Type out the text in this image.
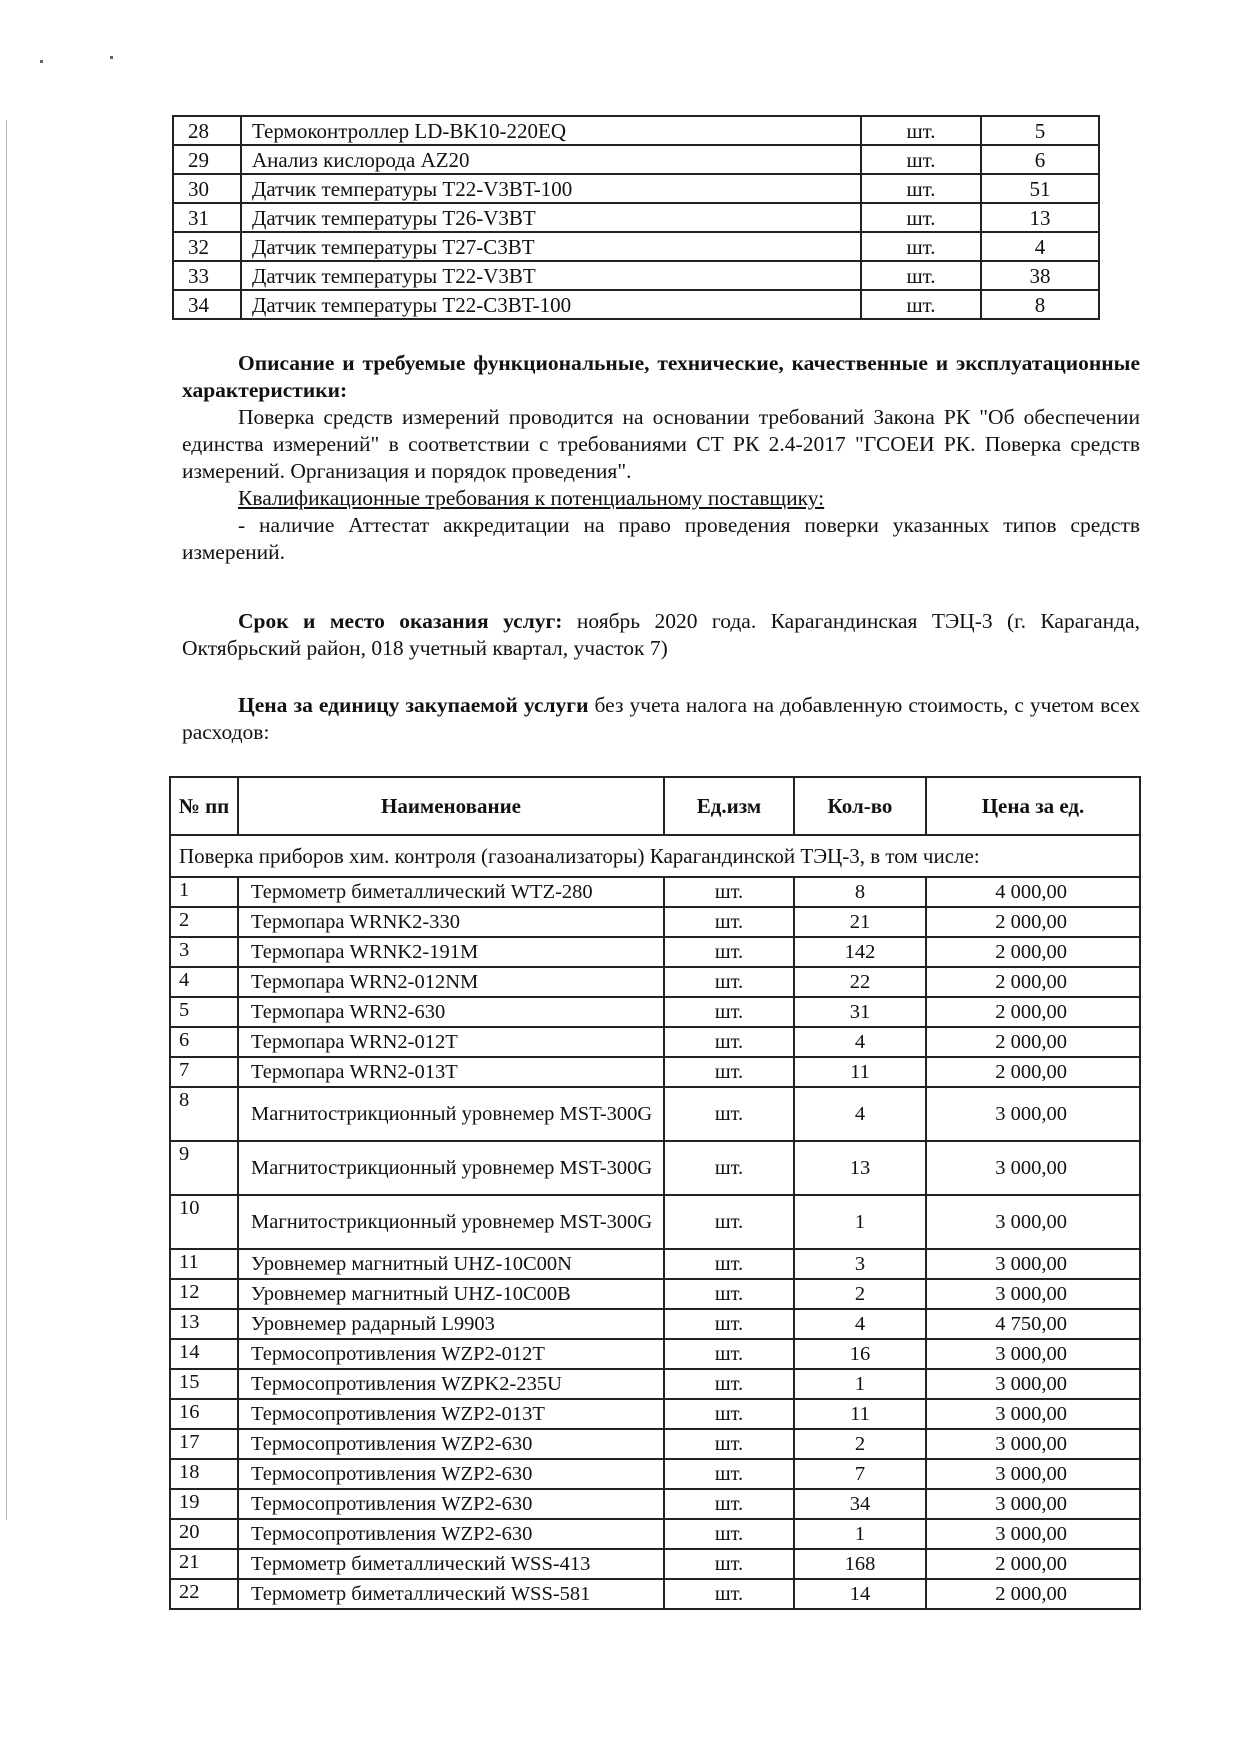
28	Термоконтроллер LD-BK10-220EQ	шт.	5
29	Анализ кислорода AZ20	шт.	6
30	Датчик температуры T22-V3BT-100	шт.	51
31	Датчик температуры T26-V3BT	шт.	13
32	Датчик температуры T27-C3BT	шт.	4
33	Датчик температуры T22-V3BT	шт.	38
34	Датчик температуры T22-C3BT-100	шт.	8
Описание и требуемые функциональные, технические, качественные и эксплуатационные характеристики:
Поверка средств измерений проводится на основании требований Закона РК "Об обеспечении единства измерений" в соответствии с требованиями СТ РК 2.4-2017 "ГСОЕИ РК. Поверка средств измерений. Организация и порядок проведения".
Квалификационные требования к потенциальному поставщику:
- наличие Аттестат аккредитации на право проведения поверки указанных типов средств измерений.
Срок и место оказания услуг: ноябрь 2020 года. Карагандинская ТЭЦ-3 (г. Караганда, Октябрьский район, 018 учетный квартал, участок 7)
Цена за единицу закупаемой услуги без учета налога на добавленную стоимость, с учетом всех расходов:
№ пп	Наименование	Ед.изм	Кол-во	Цена за ед.
Поверка приборов хим. контроля (газоанализаторы) Карагандинской ТЭЦ-3, в том числе:				
1	Термометр биметаллический WTZ-280	шт.	8	4 000,00
2	Термопара WRNK2-330	шт.	21	2 000,00
3	Термопара WRNK2-191M	шт.	142	2 000,00
4	Термопара WRN2-012NM	шт.	22	2 000,00
5	Термопара WRN2-630	шт.	31	2 000,00
6	Термопара WRN2-012T	шт.	4	2 000,00
7	Термопара WRN2-013T	шт.	11	2 000,00
8	Магнитострикционный уровнемер MST-300G	шт.	4	3 000,00
9	Магнитострикционный уровнемер MST-300G	шт.	13	3 000,00
10	Магнитострикционный уровнемер MST-300G	шт.	1	3 000,00
11	Уровнемер магнитный UHZ-10C00N	шт.	3	3 000,00
12	Уровнемер магнитный UHZ-10C00B	шт.	2	3 000,00
13	Уровнемер радарный L9903	шт.	4	4 750,00
14	Термосопротивления WZP2-012T	шт.	16	3 000,00
15	Термосопротивления WZPK2-235U	шт.	1	3 000,00
16	Термосопротивления WZP2-013T	шт.	11	3 000,00
17	Термосопротивления WZP2-630	шт.	2	3 000,00
18	Термосопротивления WZP2-630	шт.	7	3 000,00
19	Термосопротивления WZP2-630	шт.	34	3 000,00
20	Термосопротивления WZP2-630	шт.	1	3 000,00
21	Термометр биметаллический WSS-413	шт.	168	2 000,00
22	Термометр биметаллический WSS-581	шт.	14	2 000,00
